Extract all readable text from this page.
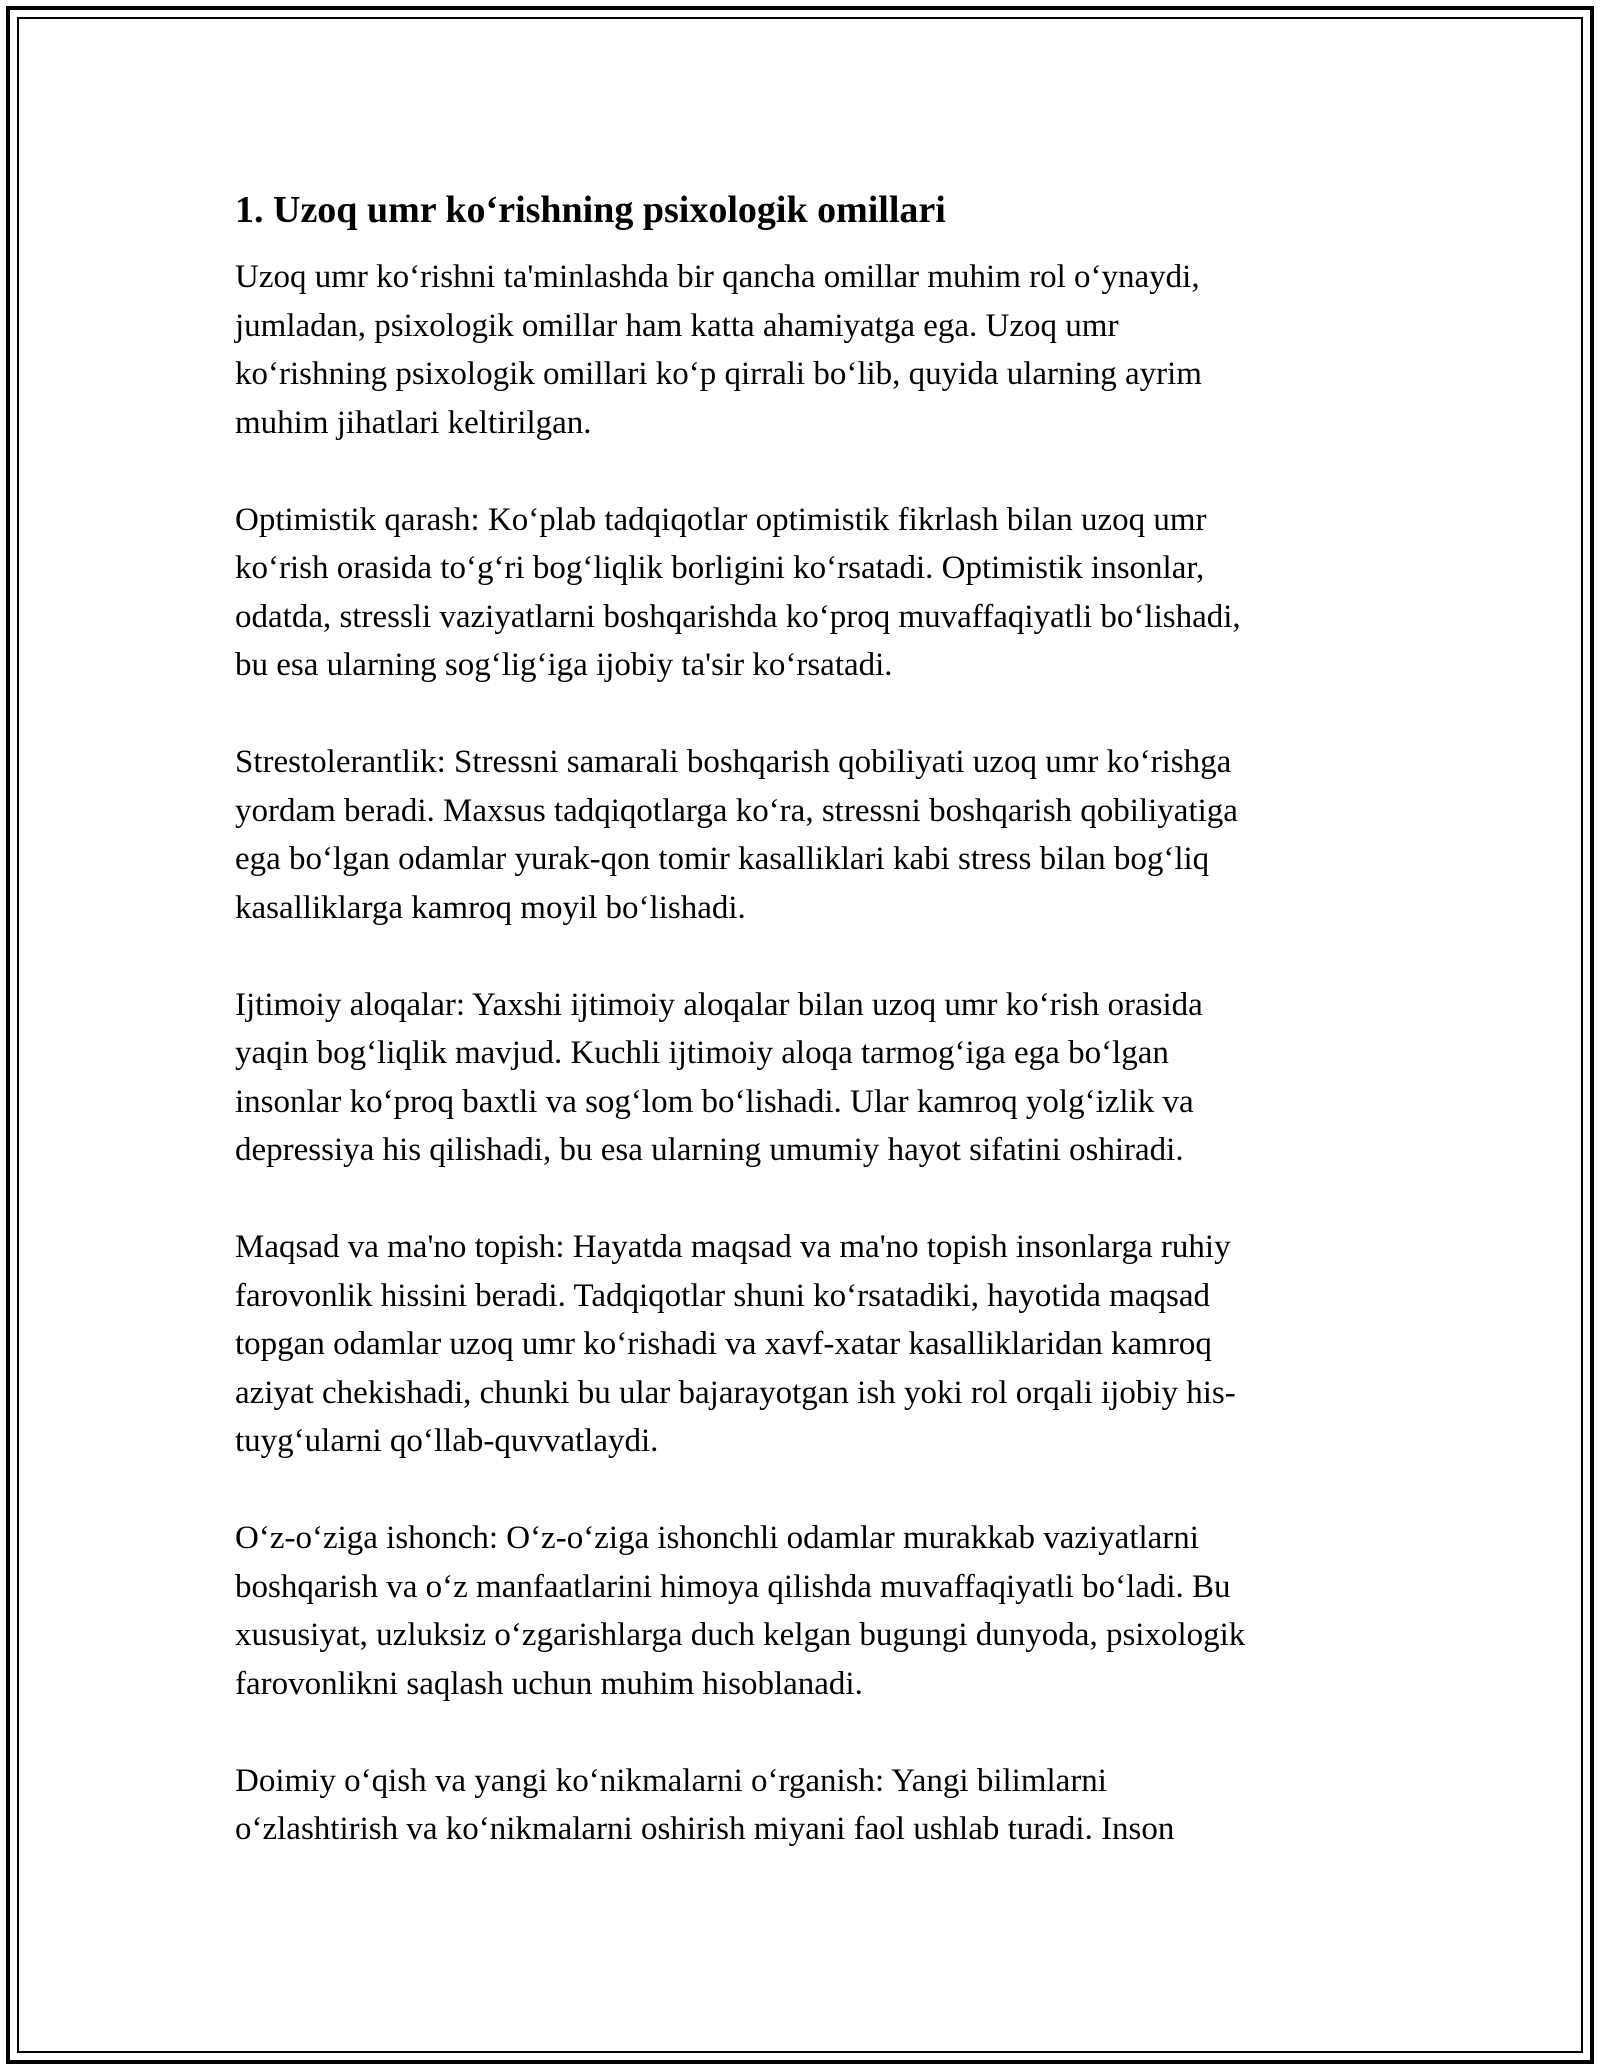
1. Uzoq umr ko‘rishning psixologik omillari

Uzoq umr ko‘rishni ta'minlashda bir qancha omillar muhim rol o‘ynaydi,
jumladan, psixologik omillar ham katta ahamiyatga ega. Uzoq umr
ko‘rishning psixologik omillari ko‘p qirrali bo‘lib, quyida ularning ayrim
muhim jihatlari keltirilgan.

Optimistik qarash: Ko‘plab tadqiqotlar optimistik fikrlash bilan uzoq umr
ko‘rish orasida to‘g‘ri bog‘liqlik borligini ko‘rsatadi. Optimistik insonlar,
odatda, stressli vaziyatlarni boshqarishda ko‘proq muvaffaqiyatli bo‘lishadi,
bu esa ularning sog‘lig‘iga ijobiy ta'sir ko‘rsatadi.

Strestolerantlik: Stressni samarali boshqarish qobiliyati uzoq umr ko‘rishga
yordam beradi. Maxsus tadqiqotlarga ko‘ra, stressni boshqarish qobiliyatiga
ega bo‘lgan odamlar yurak-qon tomir kasalliklari kabi stress bilan bog‘liq
kasalliklarga kamroq moyil bo‘lishadi.

Ijtimoiy aloqalar: Yaxshi ijtimoiy aloqalar bilan uzoq umr ko‘rish orasida
yaqin bog‘liqlik mavjud. Kuchli ijtimoiy aloqa tarmog‘iga ega bo‘lgan
insonlar ko‘proq baxtli va sog‘lom bo‘lishadi. Ular kamroq yolg‘izlik va
depressiya his qilishadi, bu esa ularning umumiy hayot sifatini oshiradi.

Maqsad va ma'no topish: Hayatda maqsad va ma'no topish insonlarga ruhiy
farovonlik hissini beradi. Tadqiqotlar shuni ko‘rsatadiki, hayotida maqsad
topgan odamlar uzoq umr ko‘rishadi va xavf-xatar kasalliklaridan kamroq
aziyat chekishadi, chunki bu ular bajarayotgan ish yoki rol orqali ijobiy his-
tuyg‘ularni qo‘llab-quvvatlaydi.

O‘z-o‘ziga ishonch: O‘z-o‘ziga ishonchli odamlar murakkab vaziyatlarni
boshqarish va o‘z manfaatlarini himoya qilishda muvaffaqiyatli bo‘ladi. Bu
xususiyat, uzluksiz o‘zgarishlarga duch kelgan bugungi dunyoda, psixologik
farovonlikni saqlash uchun muhim hisoblanadi.

Doimiy o‘qish va yangi ko‘nikmalarni o‘rganish: Yangi bilimlarni
o‘zlashtirish va ko‘nikmalarni oshirish miyani faol ushlab turadi. Inson
